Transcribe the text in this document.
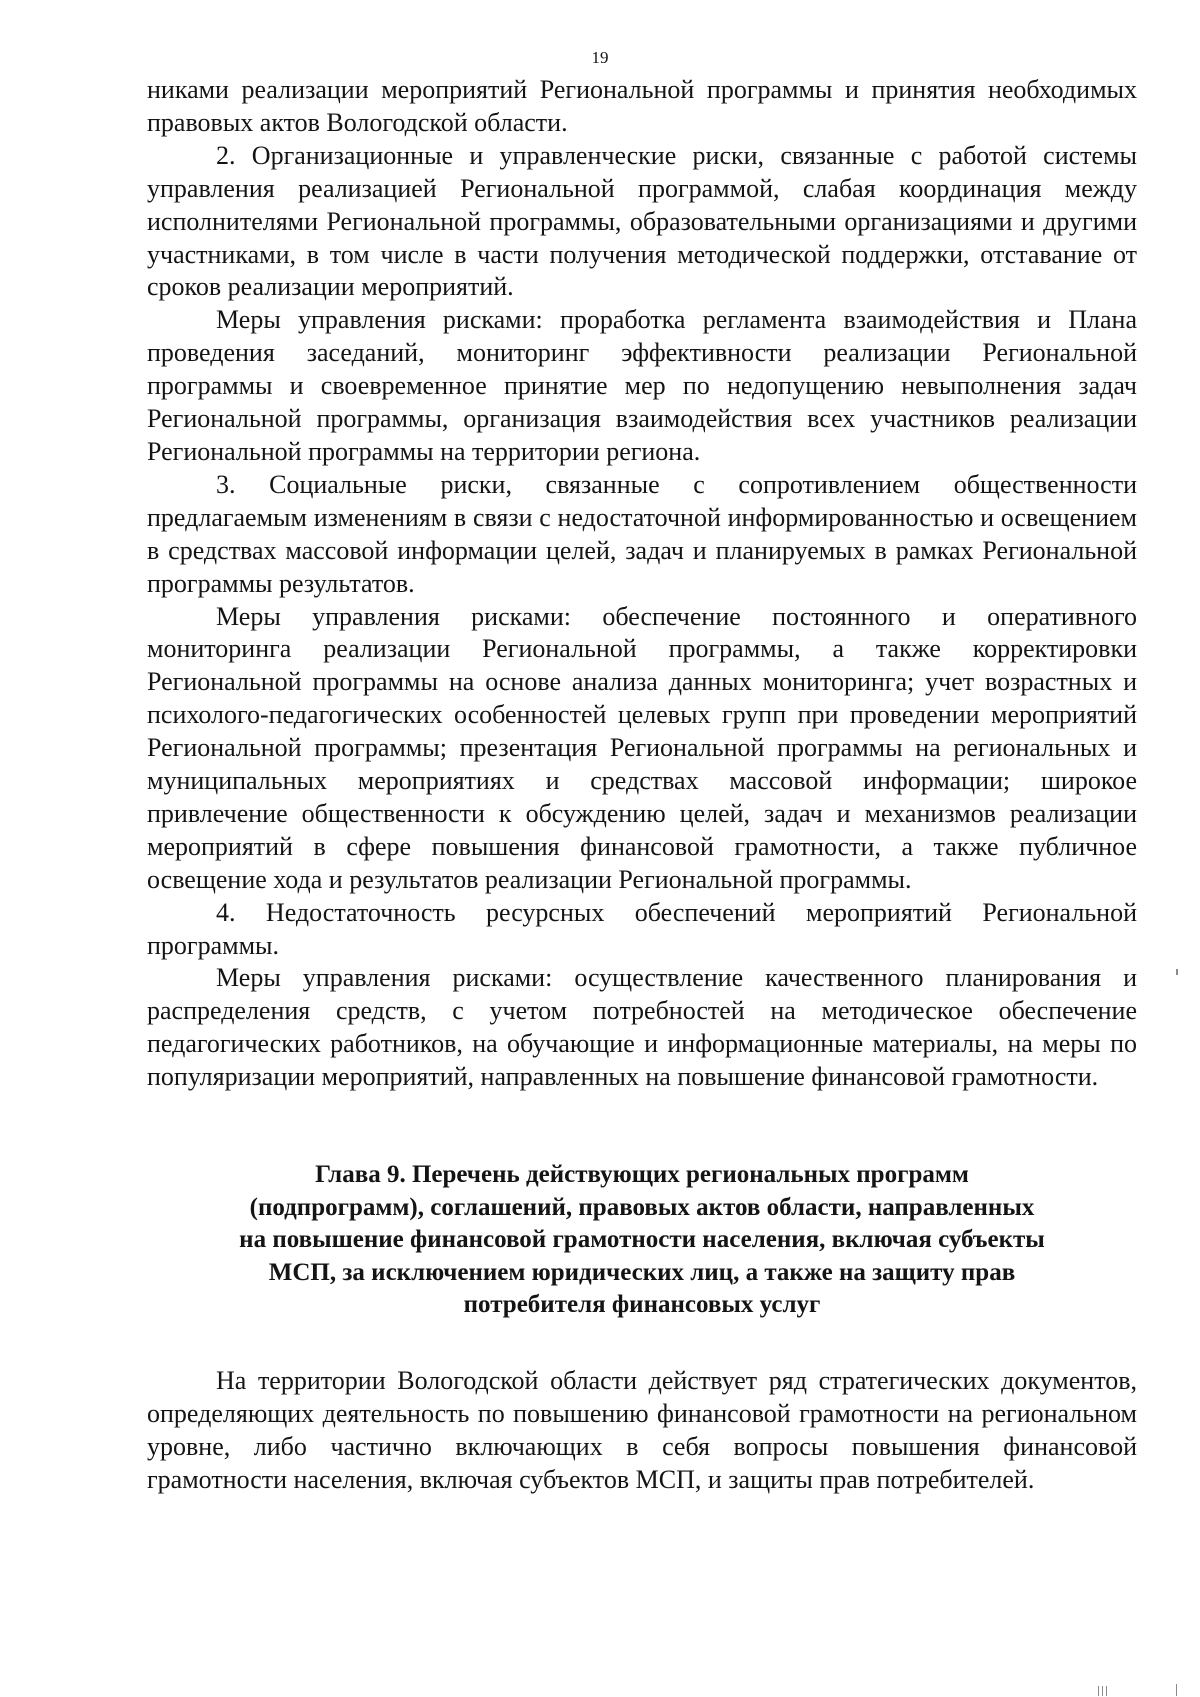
19

никами реализации мероприятий Региональной программы и принятия необходимых правовых актов Вологодской области.

2. Организационные и управленческие риски, связанные с работой системы управления реализацией Региональной программой, слабая координация между исполнителями Региональной программы, образовательными организациями и другими участниками, в том числе в части получения методической поддержки, отставание от сроков реализации мероприятий.

Меры управления рисками: проработка регламента взаимодействия и Плана проведения заседаний, мониторинг эффективности реализации Региональной программы и своевременное принятие мер по недопущению невыполнения задач Региональной программы, организация взаимодействия всех участников реализации Региональной программы на территории региона.

3. Социальные риски, связанные с сопротивлением общественности предлагаемым изменениям в связи с недостаточной информированностью и освещением в средствах массовой информации целей, задач и планируемых в рамках Региональной программы результатов.

Меры управления рисками: обеспечение постоянного и оперативного мониторинга реализации Региональной программы, а также корректировки Региональной программы на основе анализа данных мониторинга; учет возрастных и психолого-педагогических особенностей целевых групп при проведении мероприятий Региональной программы; презентация Региональной программы на региональных и муниципальных мероприятиях и средствах массовой информации; широкое привлечение общественности к обсуждению целей, задач и механизмов реализации мероприятий в сфере повышения финансовой грамотности, а также публичное освещение хода и результатов реализации Региональной программы.

4. Недостаточность ресурсных обеспечений мероприятий Региональной программы.

Меры управления рисками: осуществление качественного планирования и распределения средств, с учетом потребностей на методическое обеспечение педагогических работников, на обучающие и информационные материалы, на меры по популяризации мероприятий, направленных на повышение финансовой грамотности.

Глава 9. Перечень действующих региональных программ
(подпрограмм), соглашений, правовых актов области, направленных
на повышение финансовой грамотности населения, включая субъекты
МСП, за исключением юридических лиц, а также на защиту прав
потребителя финансовых услуг

На территории Вологодской области действует ряд стратегических документов, определяющих деятельность по повышению финансовой грамотности на региональном уровне, либо частично включающих в себя вопросы повышения финансовой грамотности населения, включая субъектов МСП, и защиты прав потребителей.
